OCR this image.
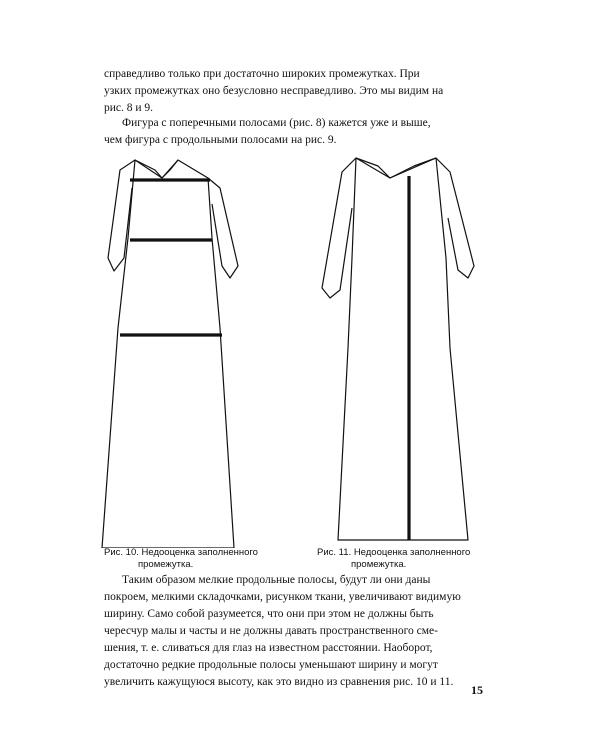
справедливо только при достаточно широких промежутках. При
узких промежутках оно безусловно несправедливо. Это мы видим на
рис. 8 и 9.

Фигура с поперечными полосами (рис. 8) кажется уже и выше,
чем фигура с продольными полосами на рис. 9.

Рис. 10. Недооценка заполненного
промежутка.
Рис. 11. Недооценка заполненного
промежутка.

Таким образом мелкие продольные полосы, будут ли они даны
покроем, мелкими складочками, рисунком ткани, увеличивают видимую
ширину. Само собой разумеется, что они при этом не должны быть
чересчур малы и часты и не должны давать пространственного сме-
шения, т. е. сливаться для глаз на известном расстоянии. Наоборот,
достаточно редкие продольные полосы уменьшают ширину и могут
увеличить кажущуюся высоту, как это видно из сравнения рис. 10 и 11.

15
